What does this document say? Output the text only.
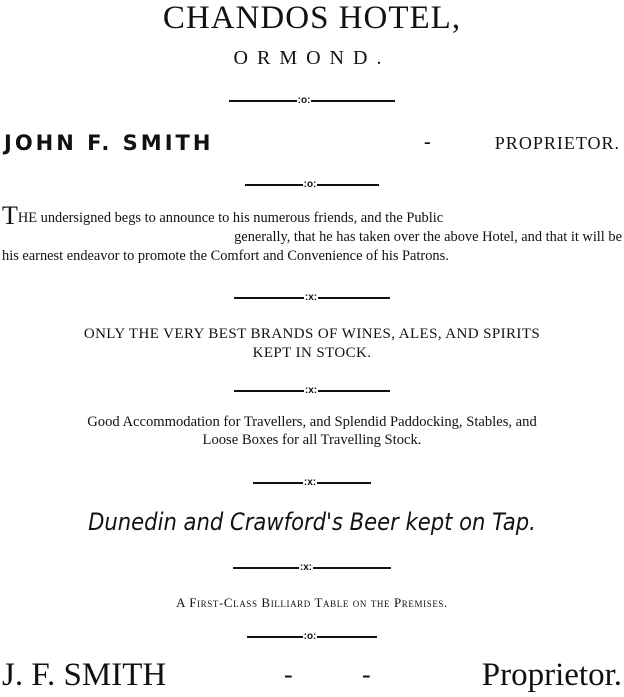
CHANDOS HOTEL,
ORMOND.
:o:
JOHN F. SMITH	-	PROPRIETOR.
:o:

THE undersigned begs to announce to his numerous friends, and the Public

generally, that he has taken over the above Hotel, and that it will be

his earnest endeavor to promote the Comfort and Convenience of his Patrons.

:x:
ONLY THE VERY BEST BRANDS OF WINES, ALES, AND SPIRITS
KEPT IN STOCK.
:x:
Good Accommodation for Travellers, and Splendid Paddocking, Stables, and
Loose Boxes for all Travelling Stock.
:x:
Dunedin and Crawford's Beer kept on Tap.
:x:
A First-Class Billiard Table on the Premises.
:o:
J. F. SMITH	-	-	Proprietor.
